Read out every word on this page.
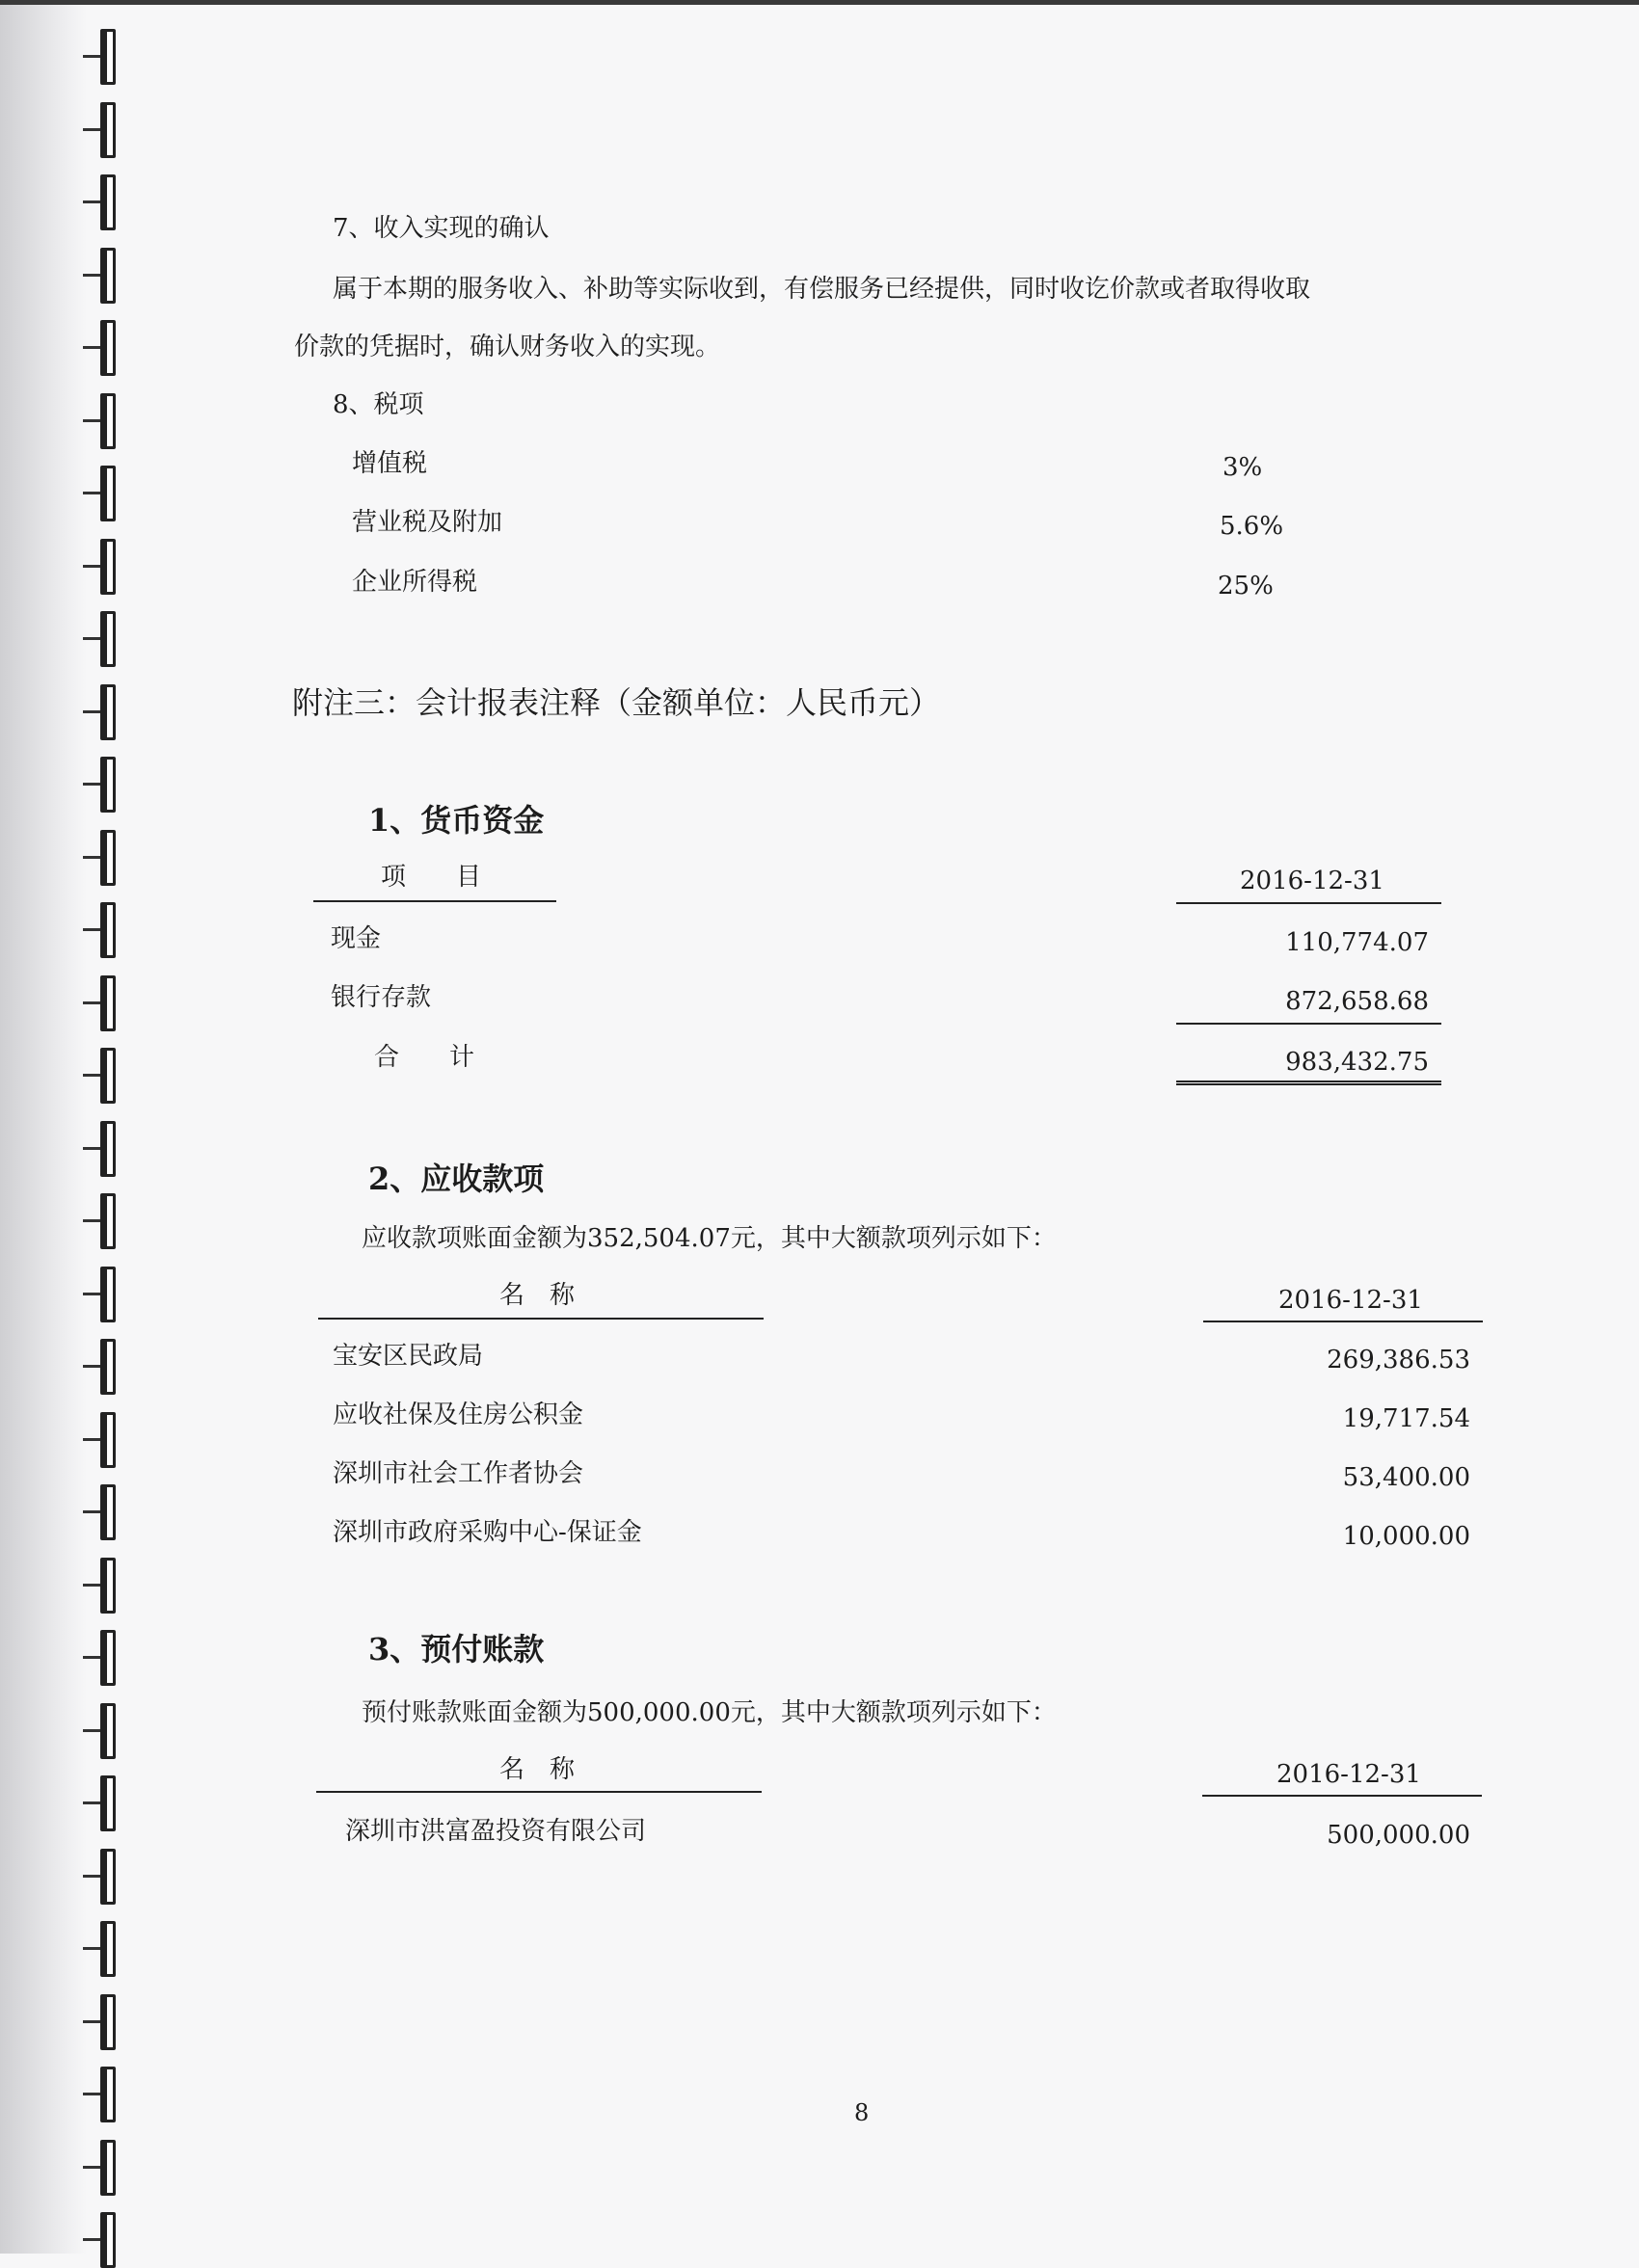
7、收入实现的确认
属于本期的服务收入、补助等实际收到，有偿服务已经提供，同时收讫价款或者取得收取
价款的凭据时，确认财务收入的实现。
8、税项
增值税	3%
营业税及附加	5.6%
企业所得税	25%
附注三：会计报表注释（金额单位：人民币元）
1、货币资金
项　　目	2016-12-31
现金	110,774.07
银行存款	872,658.68
合　　计	983,432.75
2、应收款项
应收款项账面金额为352,504.07元，其中大额款项列示如下：
名　称	2016-12-31
宝安区民政局	269,386.53
应收社保及住房公积金	19,717.54
深圳市社会工作者协会	53,400.00
深圳市政府采购中心-保证金	10,000.00
3、预付账款
预付账款账面金额为500,000.00元，其中大额款项列示如下：
名　称	2016-12-31
深圳市洪富盈投资有限公司	500,000.00
8
